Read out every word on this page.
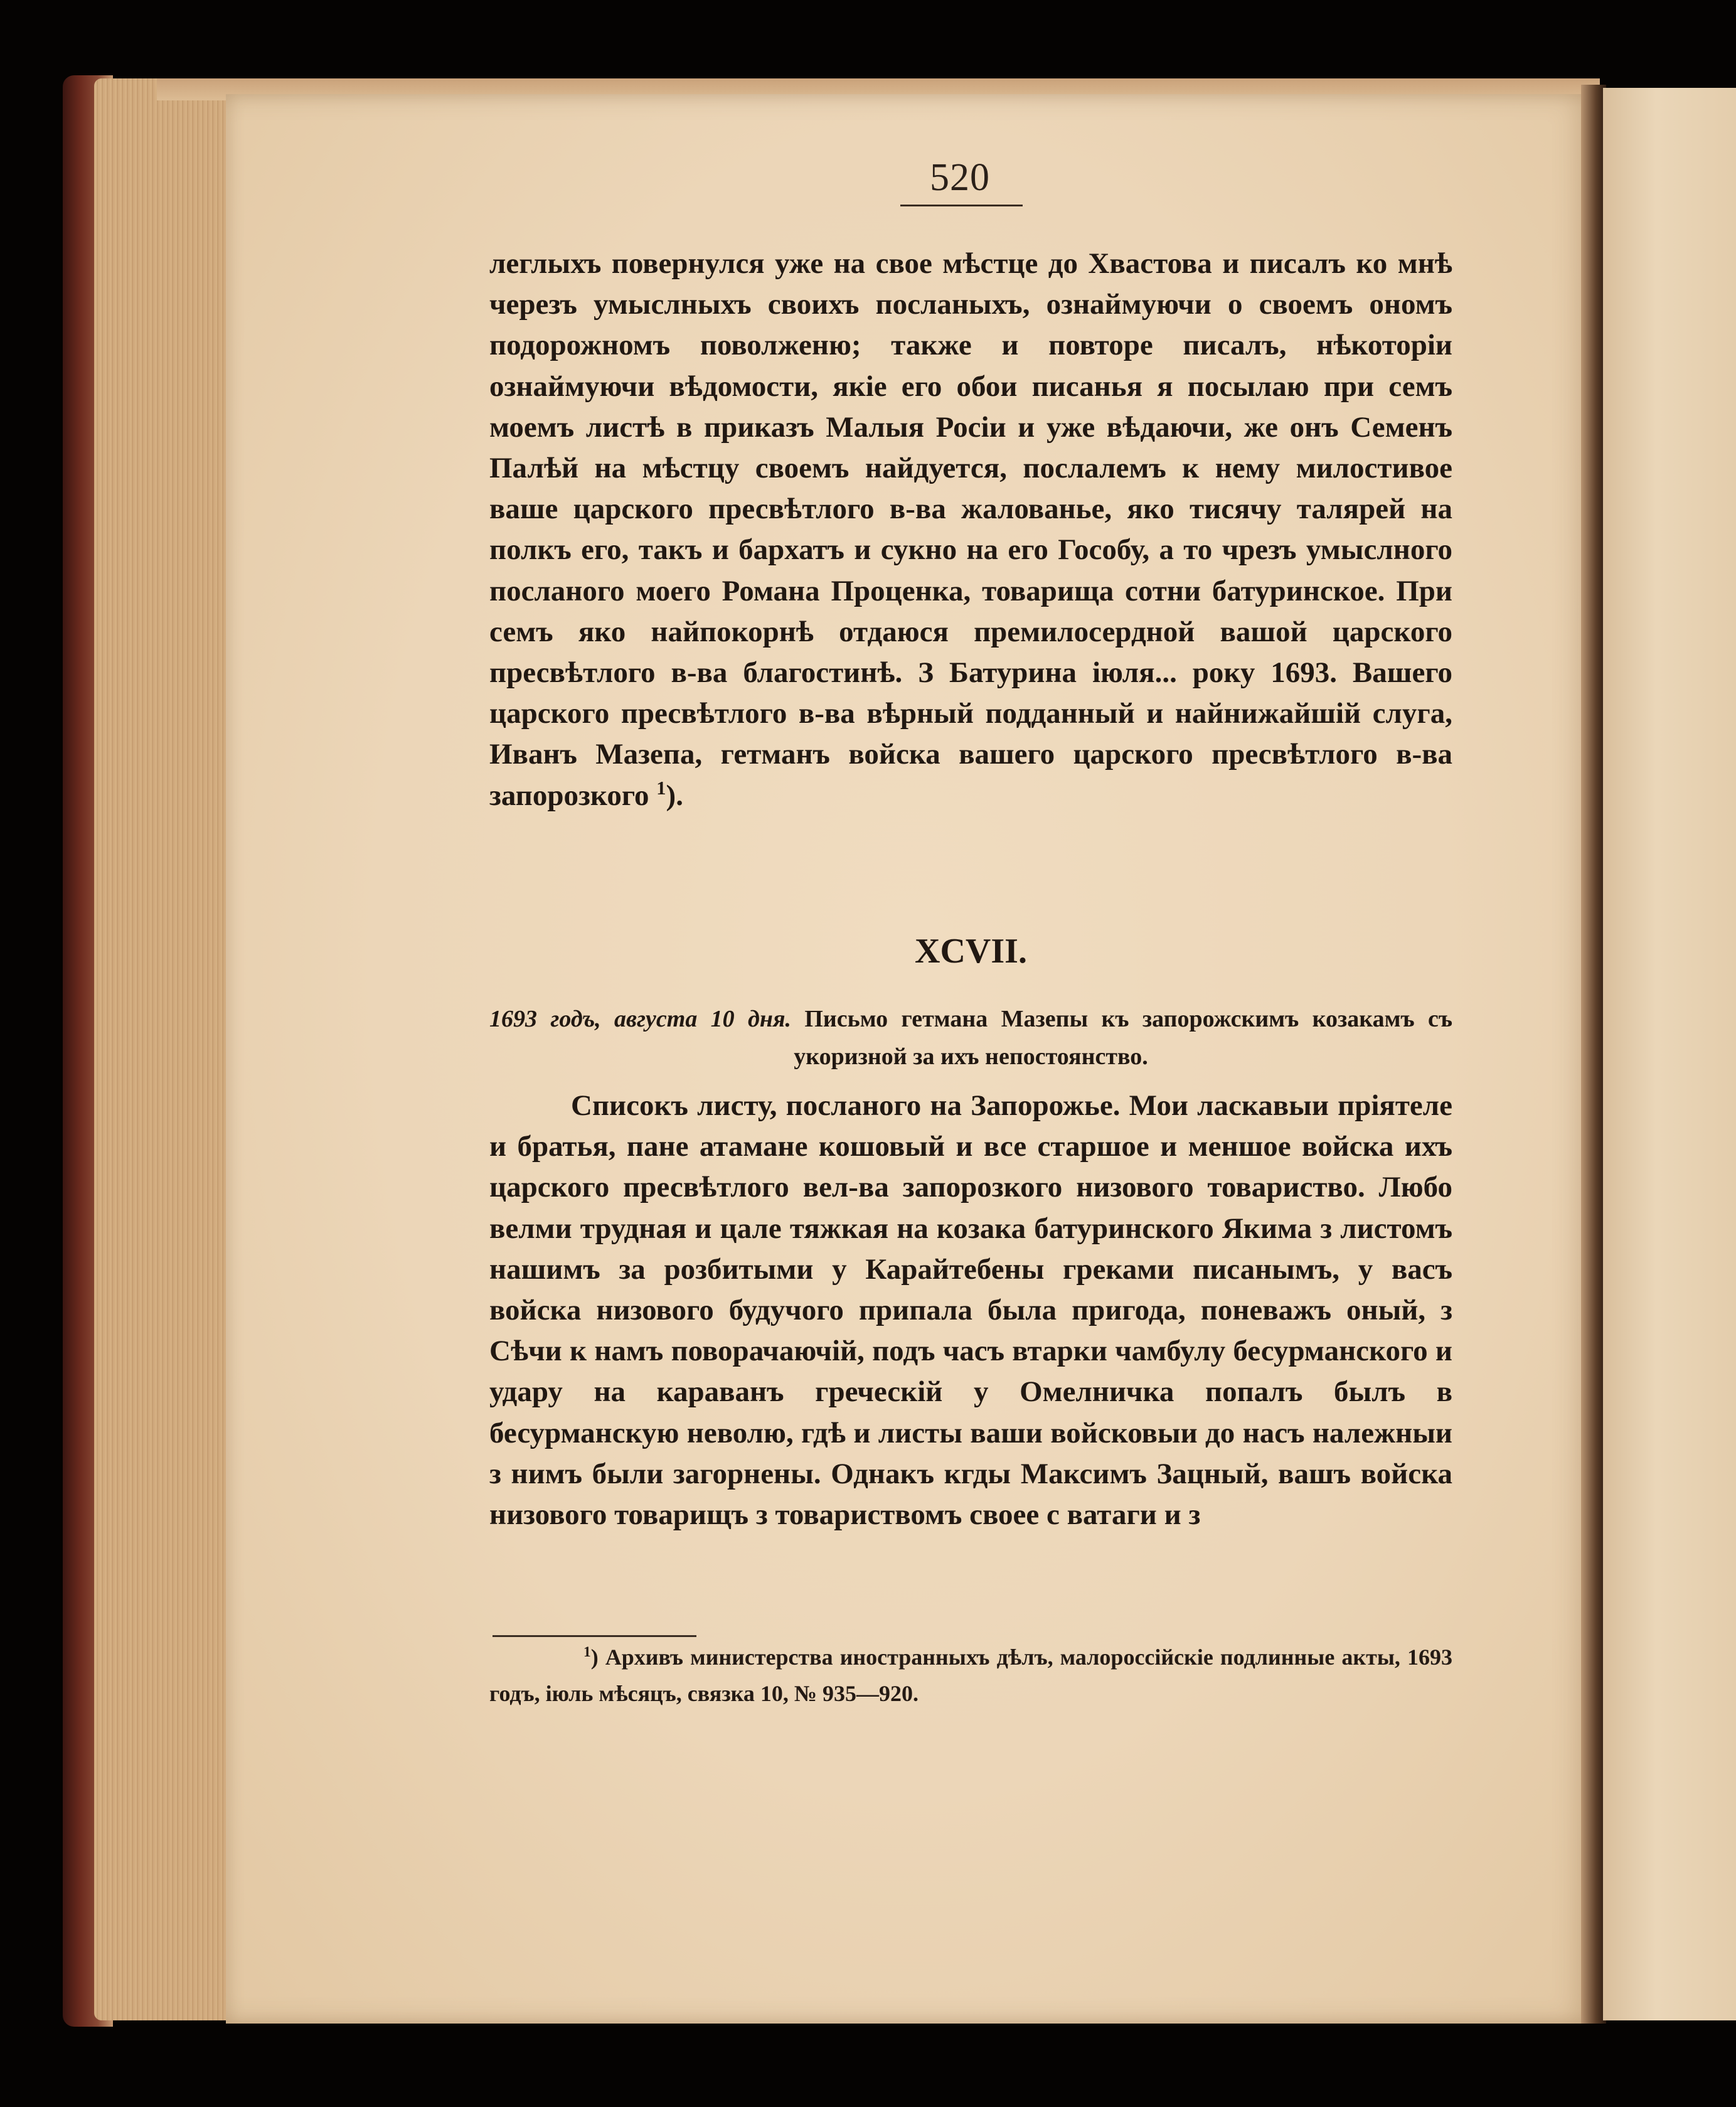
520
леглыхъ повернулся уже на свое мѣстце до Хвастова и писалъ ко мнѣ черезъ умыслныхъ своихъ посланыхъ, ознаймуючи о своемъ ономъ подорожномъ поволженю; также и повторе писалъ, нѣкоторіи ознаймуючи вѣдомости, якіе его обои писанья я посылаю при семъ моемъ листѣ в приказъ Малыя Росіи и уже вѣдаючи, же онъ Семенъ Палѣй на мѣстцу своемъ найдуется, послалемъ к нему милостивое ваше царского пресвѣтлого в-ва жалованье, яко тисячу талярей на полкъ его, такъ и бархатъ и сукно на его Гособу, а то чрезъ умыслного посланого моего Романа Проценка, товарища сотни батуринское. При семъ яко найпокорнѣ отдаюся премилосердной вашой царского пресвѣтлого в-ва благостинѣ. З Батурина іюля... року 1693. Вашего царского пресвѣтлого в-ва вѣрный подданный и найнижайшій слуга, Иванъ Мазепа, гетманъ войска вашего царского пресвѣтлого в-ва запорозкого $^1$).
XCVII.
1693 годъ, августа 10 дня. Письмо гетмана Мазепы къ запорожскимъ козакамъ съ укоризной за ихъ непостоянство.
Списокъ листу, посланого на Запорожье. Мои ласкавыи пріятеле и братья, пане атамане кошовый и все старшое и меншое войска ихъ царского пресвѣтлого вел-ва запорозкого низового товариство. Любо велми трудная и цале тяжкая на козака батуринского Якима з листомъ нашимъ за розбитыми у Карайтебены греками писанымъ, у васъ войска низового будучого припала была пригода, поневажъ оный, з Сѣчи к намъ поворачаючій, подъ часъ втарки чамбулу бесурманского и удару на караванъ греческій у Омелничка попалъ былъ в бесурманскую неволю, гдѣ и листы ваши войсковыи до насъ належныи з нимъ были загорнены. Однакъ кгды Максимъ Зацный, вашъ войска низового товарищъ з товариствомъ своее с ватаги и з
$^1$) Архивъ министерства иностранныхъ дѣлъ, малороссійскіе подлинные акты, 1693 годъ, іюль мѣсяцъ, связка 10, № 935—920.
